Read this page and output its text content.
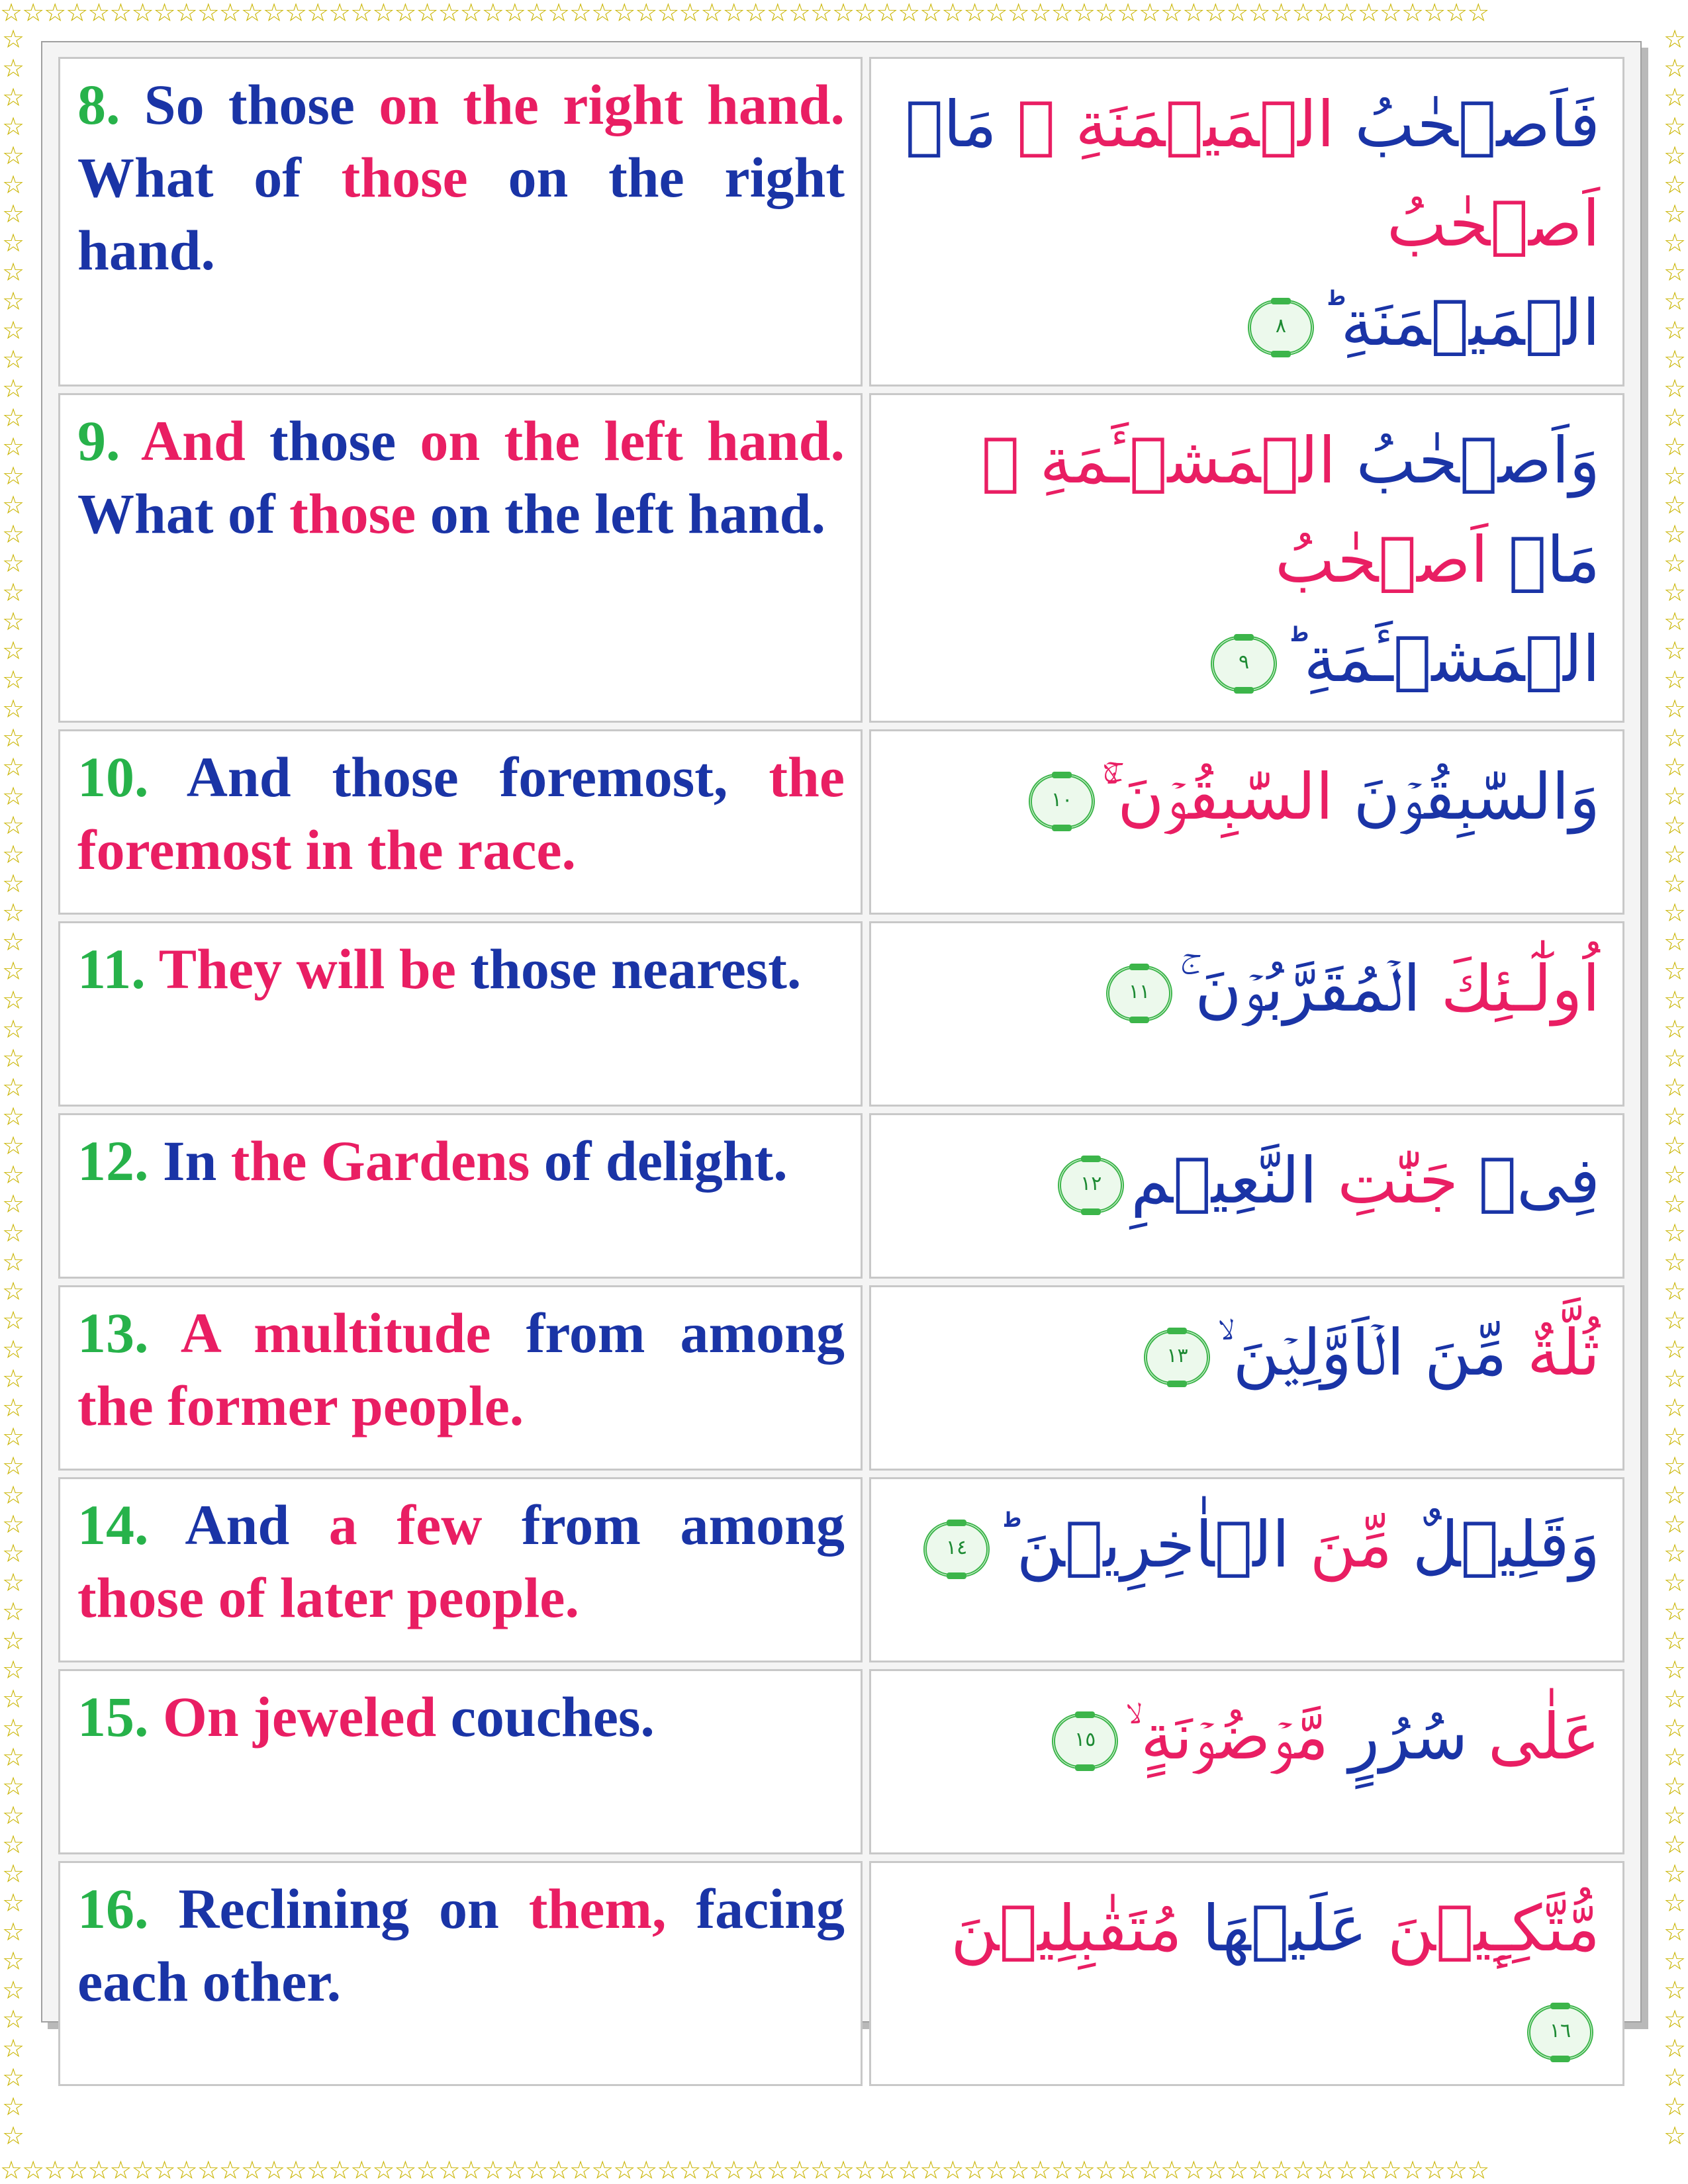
☆☆☆☆☆☆☆☆☆☆☆☆☆☆☆☆☆☆☆☆☆☆☆☆☆☆☆☆☆☆☆☆☆☆☆☆☆☆☆☆☆☆☆☆☆☆☆☆☆☆☆☆☆☆☆☆☆☆☆☆☆☆☆☆☆☆☆☆
☆☆☆☆☆☆☆☆☆☆☆☆☆☆☆☆☆☆☆☆☆☆☆☆☆☆☆☆☆☆☆☆☆☆☆☆☆☆☆☆☆☆☆☆☆☆☆☆☆☆☆☆☆☆☆☆☆☆☆☆☆☆☆☆☆☆☆☆
☆
☆
☆
☆
☆
☆
☆
☆
☆
☆
☆
☆
☆
☆
☆
☆
☆
☆
☆
☆
☆
☆
☆
☆
☆
☆
☆
☆
☆
☆
☆
☆
☆
☆
☆
☆
☆
☆
☆
☆
☆
☆
☆
☆
☆
☆
☆
☆
☆
☆
☆
☆
☆
☆
☆
☆
☆
☆
☆
☆
☆
☆
☆
☆
☆
☆
☆
☆
☆
☆
☆
☆
☆
☆
☆
☆
☆
☆
☆
☆
☆
☆
☆
☆
☆
☆
☆
☆
☆
☆
☆
☆
☆
☆
☆
☆
☆
☆
☆
☆
☆
☆
☆
☆
☆
☆
☆
☆
☆
☆
☆
☆
☆
☆
☆
☆
☆
☆
☆
☆
☆
☆
☆
☆
☆
☆
☆
☆
☆
☆
☆
☆
☆
☆
☆
☆
☆
☆
☆
☆
☆
☆
☆
☆
☆
☆
8. So those on the right hand. What of those on the right hand.	فَاَصۡحٰبُ الۡمَيۡمَنَةِ ۙ مَاۤ اَصۡحٰبُ
الۡمَيۡمَنَةِ ؕ٨

9. And those on the left hand. What of those on the left hand.	وَاَصۡحٰبُ الۡمَشۡـَٔمَةِ ۙ مَاۤ اَصۡحٰبُ
الۡمَشۡـَٔمَةِ ؕ٩

10. And those foremost, the foremost in the race.	وَالسّٰبِقُوۡنَ السّٰبِقُوۡنَ ۚۙ١٠

11. They will be those nearest.	اُولٰٓـئِكَ الۡمُقَرَّبُوۡنَ ۚ١١

12. In the Gardens of delight.	فِىۡ جَنّٰتِ النَّعِيۡمِ١٢

13. A multitude from among the former people.	ثُلَّةٌ مِّنَ الۡاَوَّلِيۡنَ ۙ١٣

14. And a few from among those of later people.	وَقَلِيۡلٌ مِّنَ الۡاٰخِرِيۡنَ ؕ١٤

15. On jeweled couches.	عَلٰى سُرُرٍ مَّوۡضُوۡنَةٍ ۙ١٥

16. Reclining on them, facing each other.	مُّتَّكِـِٕيۡنَ عَلَيۡهَا مُتَقٰبِلِيۡنَ١٦
